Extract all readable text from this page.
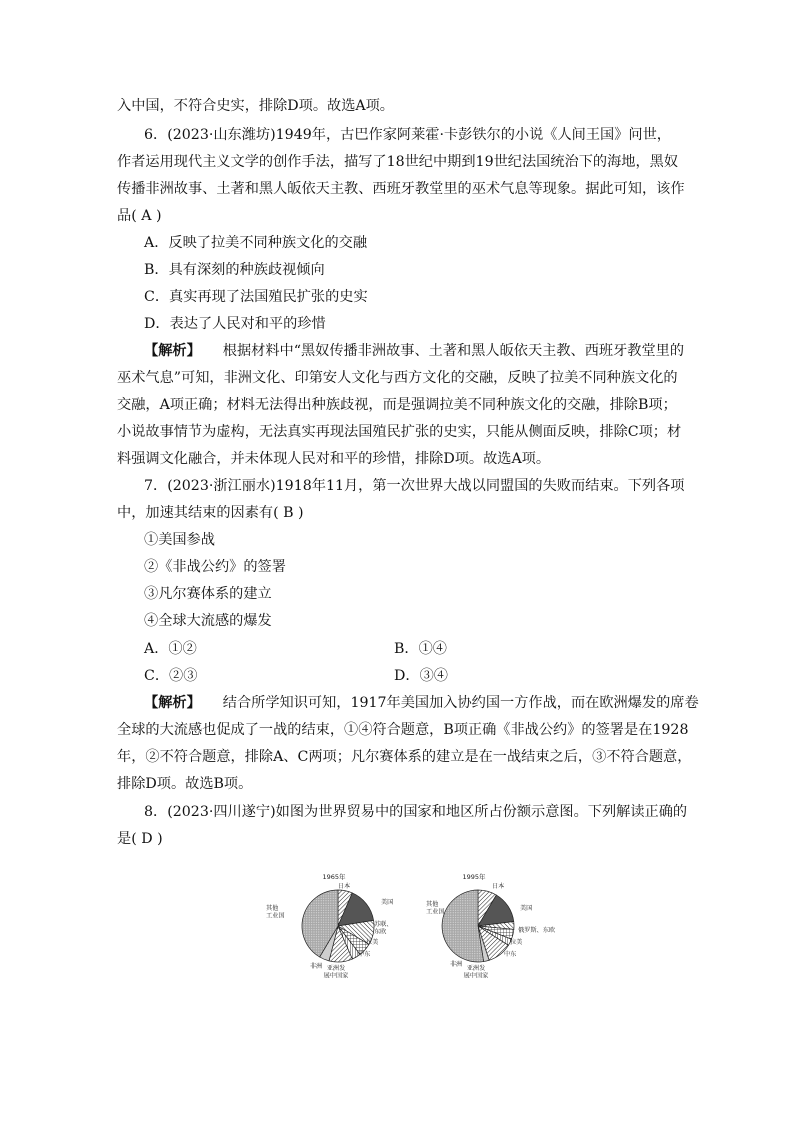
入中国，不符合史实，排除D项。故选A项。
6．(2023·山东潍坊)1949年，古巴作家阿莱霍·卡彭铁尔的小说《人间王国》问世，
作者运用现代主义文学的创作手法，描写了18世纪中期到19世纪法国统治下的海地，黑奴
传播非洲故事、土著和黑人皈依天主教、西班牙教堂里的巫术气息等现象。据此可知，该作
品( A )
A．反映了拉美不同种族文化的交融
B．具有深刻的种族歧视倾向
C．真实再现了法国殖民扩张的史实
D．表达了人民对和平的珍惜
【解析】 根据材料中“黑奴传播非洲故事、土著和黑人皈依天主教、西班牙教堂里的
巫术气息”可知，非洲文化、印第安人文化与西方文化的交融，反映了拉美不同种族文化的
交融，A项正确；材料无法得出种族歧视，而是强调拉美不同种族文化的交融，排除B项；
小说故事情节为虚构，无法真实再现法国殖民扩张的史实，只能从侧面反映，排除C项；材
料强调文化融合，并未体现人民对和平的珍惜，排除D项。故选A项。
7．(2023·浙江丽水)1918年11月，第一次世界大战以同盟国的失败而结束。下列各项
中，加速其结束的因素有( B )
①美国参战
②《非战公约》的签署
③凡尔赛体系的建立
④全球大流感的爆发
A．①②	B．①④
C．②③	D．③④
【解析】 结合所学知识可知，1917年美国加入协约国一方作战，而在欧洲爆发的席卷
全球的大流感也促成了一战的结束，①④符合题意，B项正确《非战公约》的签署是在1928
年，②不符合题意，排除A、C两项；凡尔赛体系的建立是在一战结束之后，③不符合题意，
排除D项。故选B项。
8．(2023·四川遂宁)如图为世界贸易中的国家和地区所占份额示意图。下列解读正确的
是( D )
1965年
日本
美国
苏联、东欧
拉美
中东
亚洲发展中国家
非洲
其他工业国
1995年
日本
美国
俄罗斯、东欧
拉美
中东
亚洲发展中国家
非洲
其他工业国
